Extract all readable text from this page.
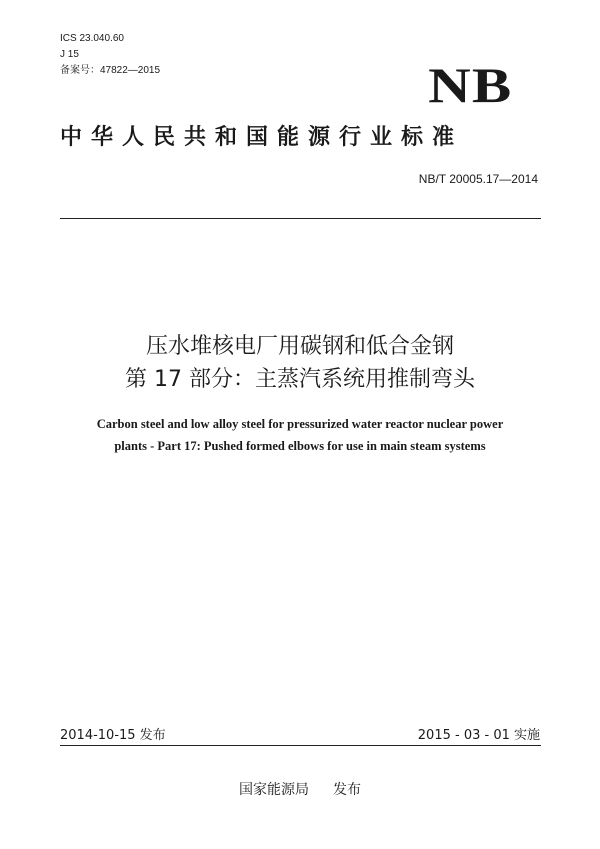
ICS 23.040.60
J 15
备案号：47822—2015	NB
中华人民共和国能源行业标准
NB/T 20005.17—2014
压水堆核电厂用碳钢和低合金钢
第 17 部分：主蒸汽系统用推制弯头
Carbon steel and low alloy steel for pressurized water reactor nuclear power
plants - Part 17: Pushed formed elbows for use in main steam systems
2014-10-15 发布	2015 - 03 - 01 实施
国家能源局 发布
